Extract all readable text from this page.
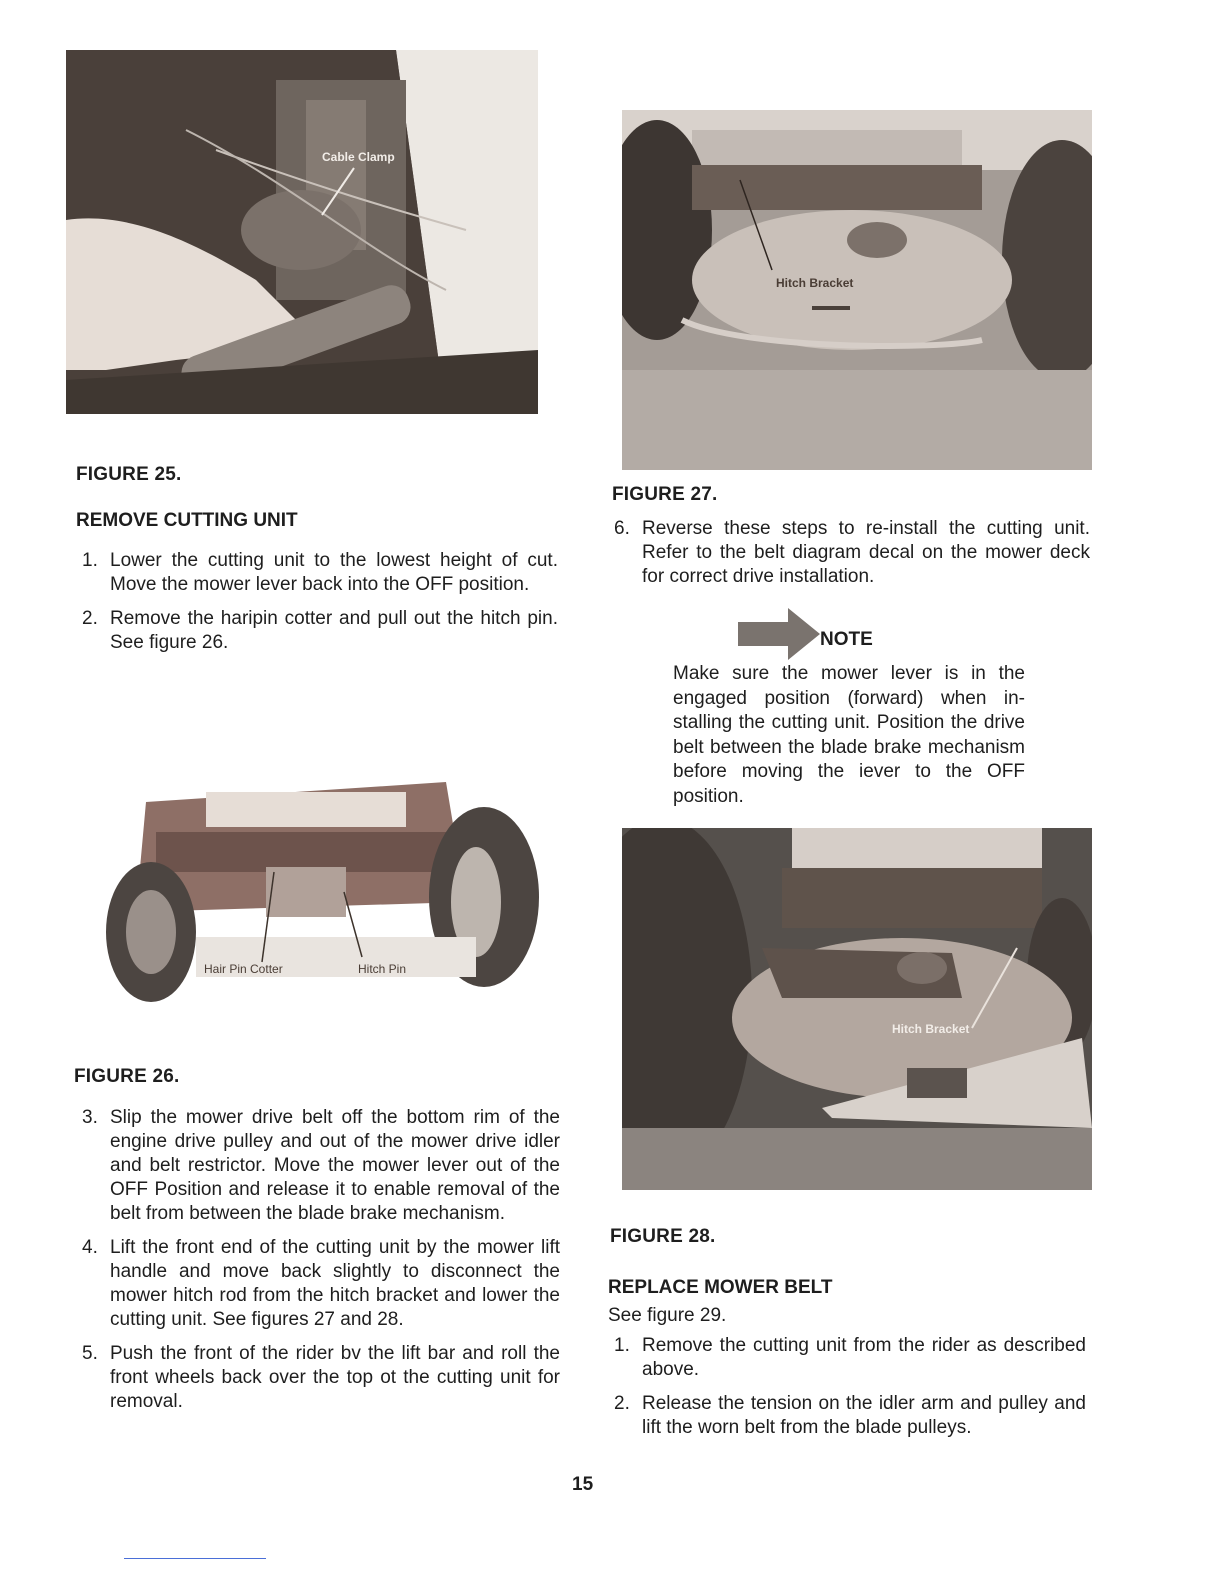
Cable Clamp
FIGURE 25.
REMOVE CUTTING UNIT
1. Lower the cutting unit to the lowest height of cut. Move the mower lever back into the OFF position.
2. Remove the haripin cotter and pull out the hitch pin. See figure 26.
Hair Pin Cotter	Hitch Pin
FIGURE 26.
3. Slip the mower drive belt off the bottom rim of the engine drive pulley and out of the mower drive idler and belt restrictor. Move the mower lever out of the OFF Position and release it to enable removal of the belt from between the blade brake mechanism.
4. Lift the front end of the cutting unit by the mower lift handle and move back slightly to disconnect the mower hitch rod from the hitch bracket and lower the cutting unit. See figures 27 and 28.
5. Push the front of the rider bv the lift bar and roll the front wheels back over the top ot the cutting unit for removal.
Hitch Bracket
FIGURE 27.
6. Reverse these steps to re-install the cutting unit. Refer to the belt diagram decal on the mower deck for correct drive installation.
NOTE

Make sure the mower lever is in the engaged position (forward) when in-stalling the cutting unit. Position the drive belt between the blade brake mechanism before moving the iever to the OFF position.

Hitch Bracket
FIGURE 28.
REPLACE MOWER BELT

See figure 29.

1. Remove the cutting unit from the rider as described above.
2. Release the tension on the idler arm and pulley and lift the worn belt from the blade pulleys.
15
